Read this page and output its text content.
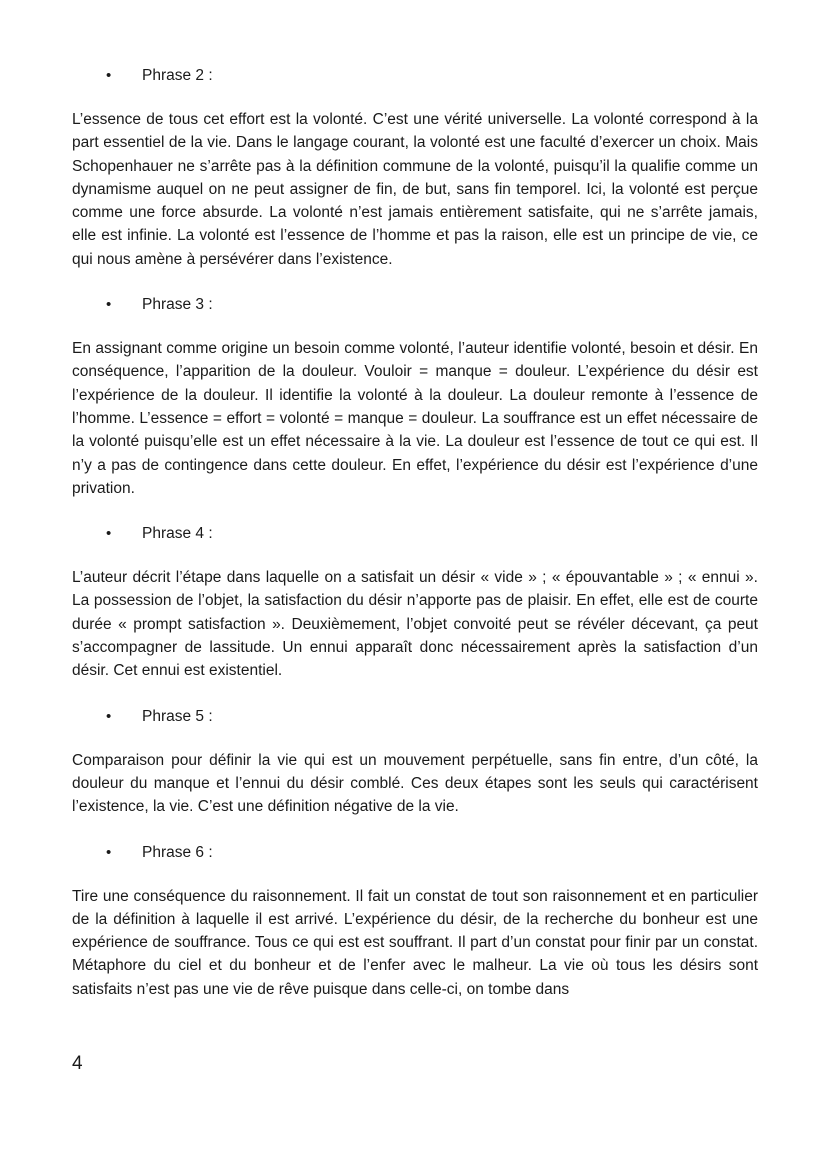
• Phrase 2 :

L’essence de tous cet effort est la volonté. C’est une vérité universelle. La volonté correspond à la part essentiel de la vie. Dans le langage courant, la volonté est une faculté d’exercer un choix. Mais Schopenhauer ne s’arrête pas à la définition commune de la volonté, puisqu’il la qualifie comme un dynamisme auquel on ne peut assigner de fin, de but, sans fin temporel. Ici, la volonté est perçue comme une force absurde. La volonté n’est jamais entièrement satisfaite, qui ne s’arrête jamais, elle est infinie. La volonté est l’essence de l’homme et pas la raison, elle est un principe de vie, ce qui nous amène à persévérer dans l’existence.

• Phrase 3 :

En assignant comme origine un besoin comme volonté, l’auteur identifie volonté, besoin et désir. En conséquence, l’apparition de la douleur. Vouloir = manque = douleur. L’expérience du désir est l’expérience de la douleur. Il identifie la volonté à la douleur. La douleur remonte à l’essence de l’homme. L’essence = effort = volonté = manque = douleur. La souffrance est un effet nécessaire de la volonté puisqu’elle est un effet nécessaire à la vie. La douleur est l’essence de tout ce qui est. Il n’y a pas de contingence dans cette douleur. En effet, l’expérience du désir est l’expérience d’une privation.

• Phrase 4 :

L’auteur décrit l’étape dans laquelle on a satisfait un désir « vide » ; « épouvantable » ; « ennui ». La possession de l’objet, la satisfaction du désir n’apporte pas de plaisir. En effet, elle est de courte durée « prompt satisfaction ». Deuxièmement, l’objet convoité peut se révéler décevant, ça peut s’accompagner de lassitude. Un ennui apparaît donc nécessairement après la satisfaction d’un désir. Cet ennui est existentiel.

• Phrase 5 :

Comparaison pour définir la vie qui est un mouvement perpétuelle, sans fin entre, d’un côté, la douleur du manque et l’ennui du désir comblé. Ces deux étapes sont les seuls qui caractérisent l’existence, la vie. C’est une définition négative de la vie.

• Phrase 6 :

Tire une conséquence du raisonnement. Il fait un constat de tout son raisonnement et en particulier de la définition à laquelle il est arrivé. L’expérience du désir, de la recherche du bonheur est une expérience de souffrance. Tous ce qui est est souffrant. Il part d’un constat pour finir par un constat. Métaphore du ciel et du bonheur et de l’enfer avec le malheur. La vie où tous les désirs sont satisfaits n’est pas une vie de rêve puisque dans celle-ci, on tombe dans

4
